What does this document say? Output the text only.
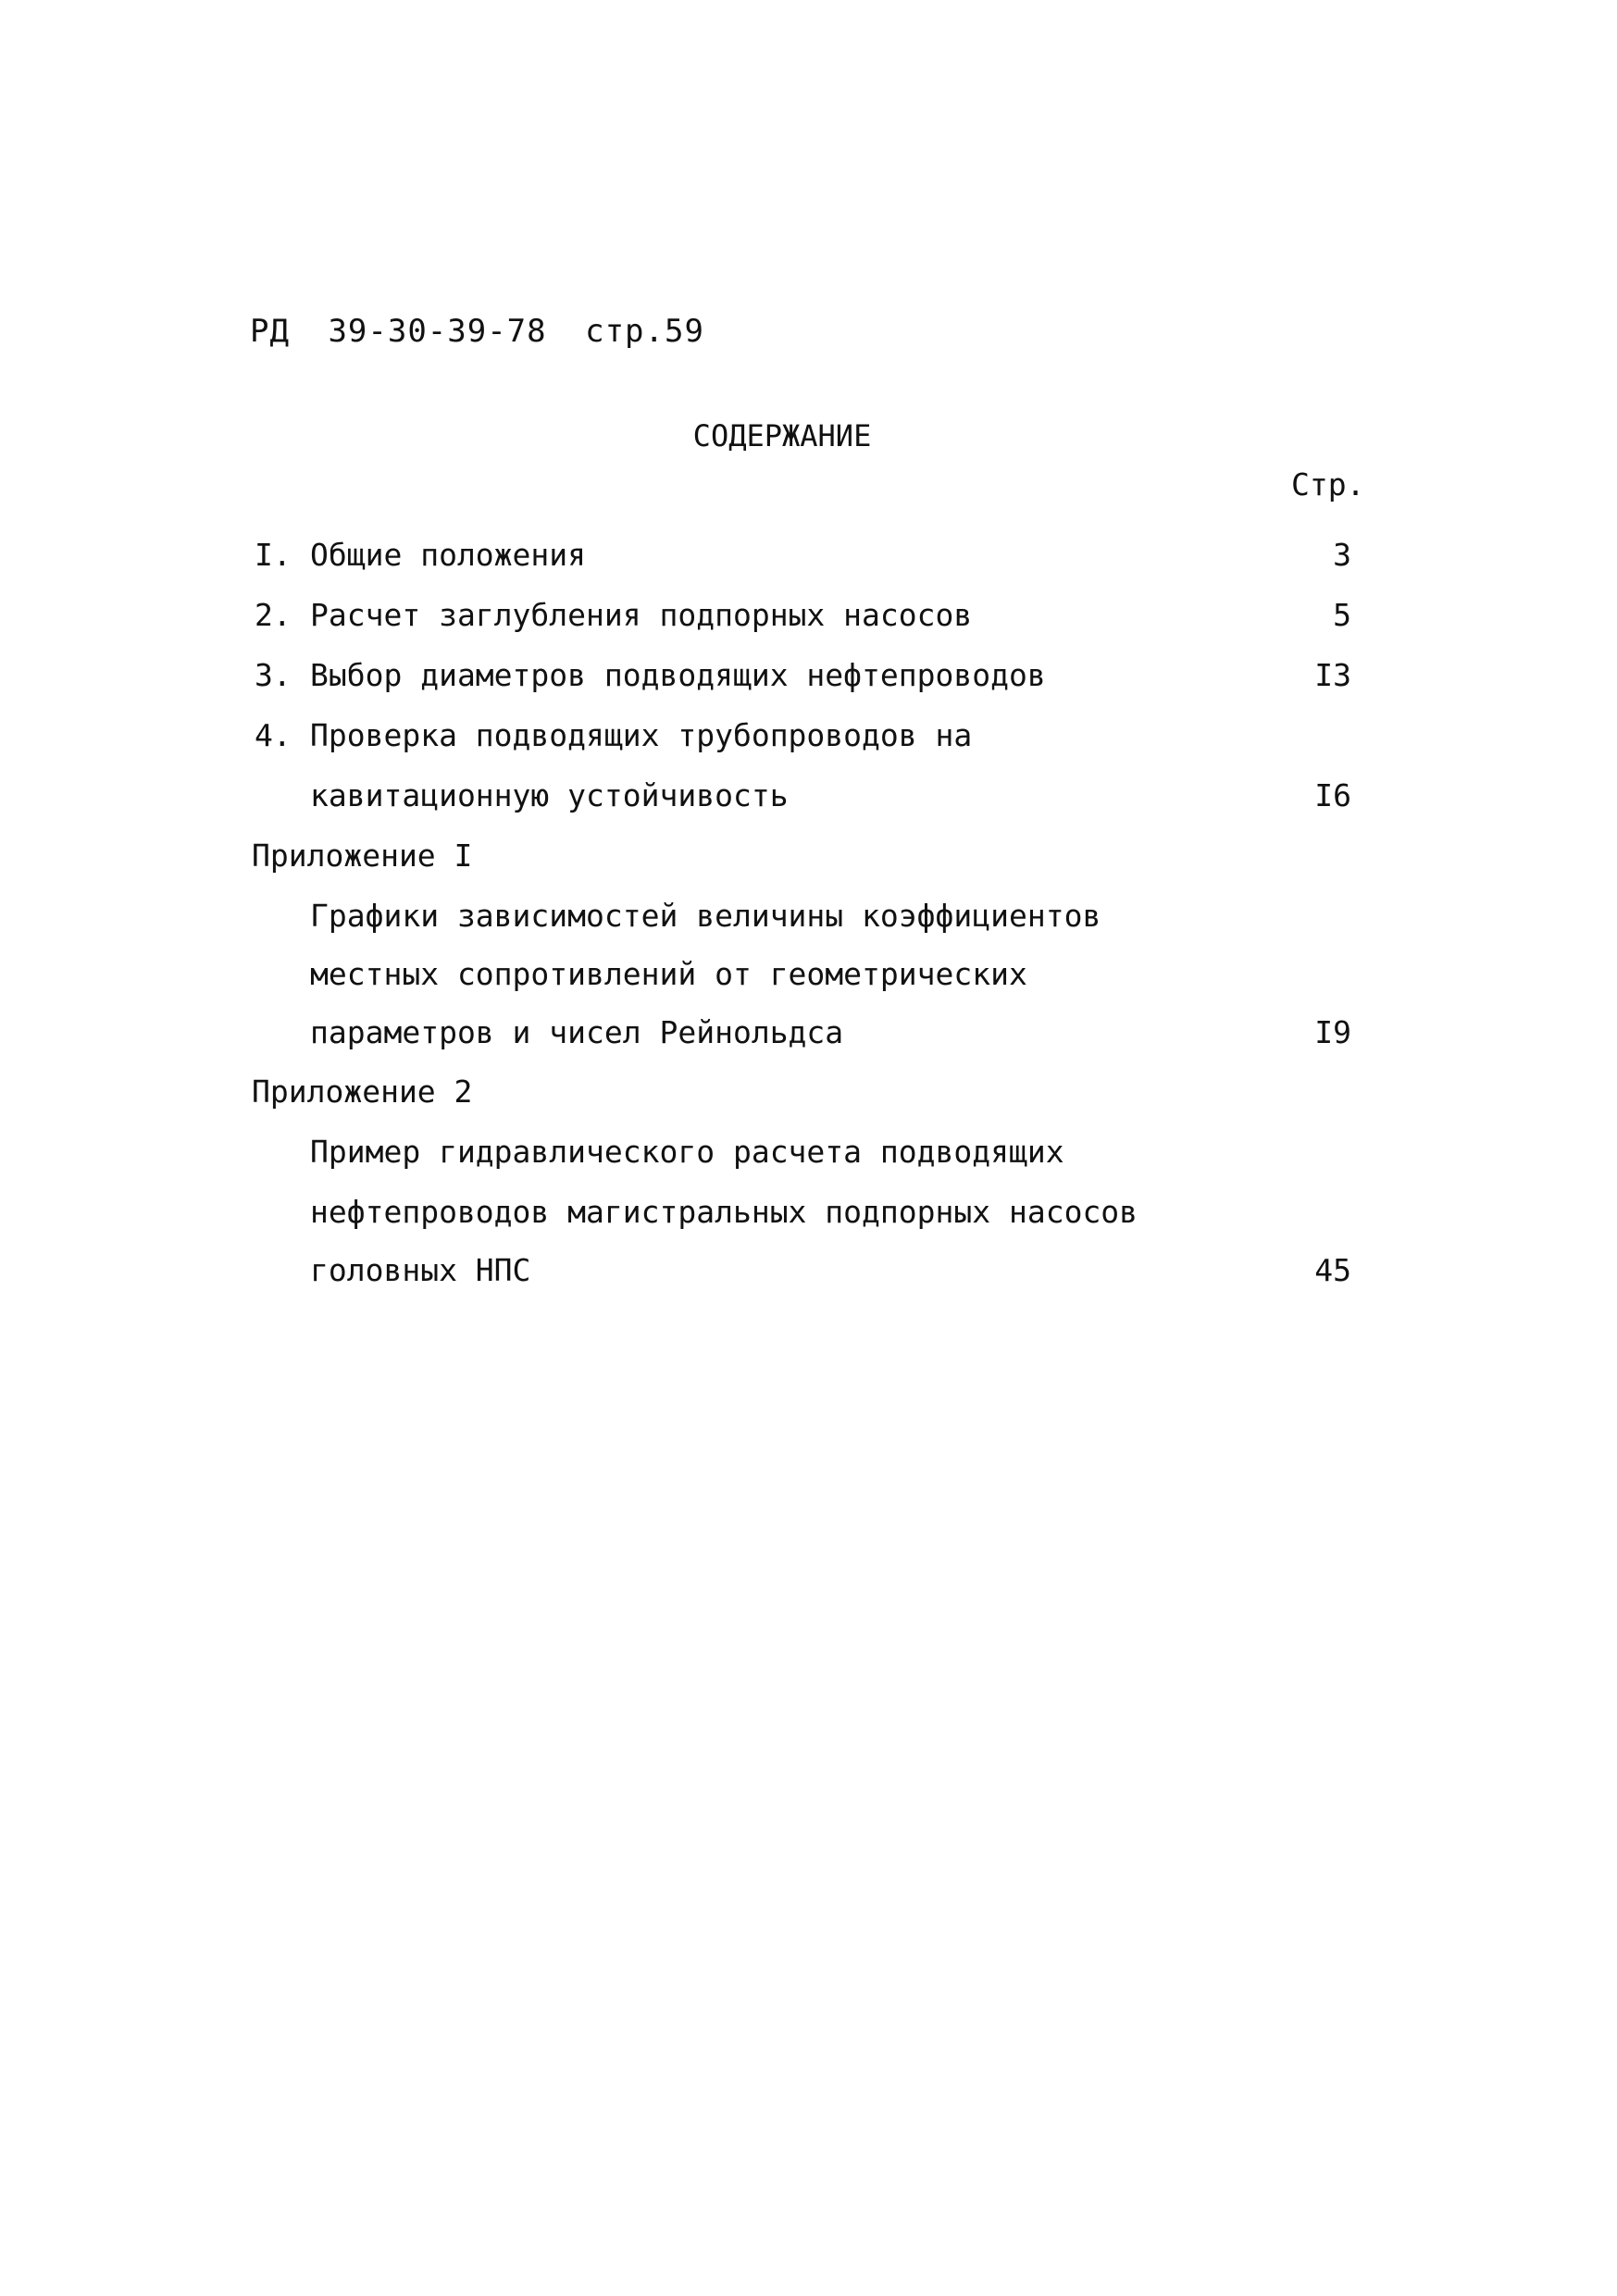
РД 39-30-39-78 стр.59
СОДЕРЖАНИЕ
Стр.
I. Общие положения	3
2. Расчет заглубления подпорных насосов	5
3. Выбор диаметров подводящих нефтепроводов	I3
4. Проверка подводящих трубопроводов на
кавитационную устойчивость	I6
Приложение I
Графики зависимостей величины коэффициентов
местных сопротивлений от геометрических
параметров и чисел Рейнольдса	I9
Приложение 2
Пример гидравлического расчета подводящих
нефтепроводов магистральных подпорных насосов
головных НПС	45
